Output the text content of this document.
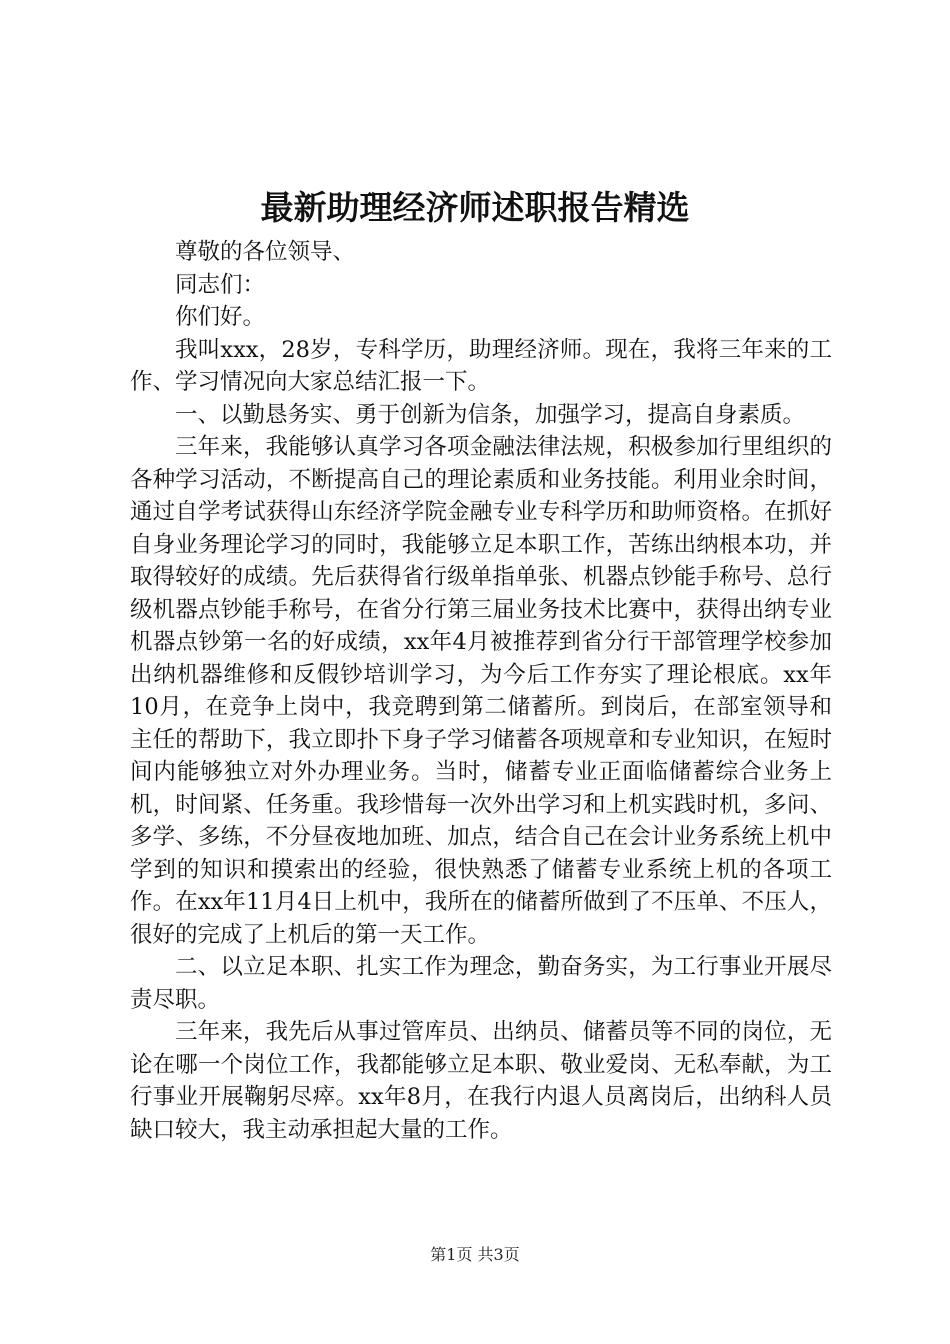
最新助理经济师述职报告精选

尊敬的各位领导、

同志们：

你们好。

我叫xxx，28岁，专科学历，助理经济师。现在，我将三年来的工作、学习情况向大家总结汇报一下。

一、以勤恳务实、勇于创新为信条，加强学习，提高自身素质。

三年来，我能够认真学习各项金融法律法规，积极参加行里组织的各种学习活动，不断提高自己的理论素质和业务技能。利用业余时间，通过自学考试获得山东经济学院金融专业专科学历和助师资格。在抓好自身业务理论学习的同时，我能够立足本职工作，苦练出纳根本功，并取得较好的成绩。先后获得省行级单指单张、机器点钞能手称号、总行级机器点钞能手称号，在省分行第三届业务技术比赛中，获得出纳专业机器点钞第一名的好成绩，xx年4月被推荐到省分行干部管理学校参加出纳机器维修和反假钞培训学习，为今后工作夯实了理论根底。xx年10月，在竞争上岗中，我竞聘到第二储蓄所。到岗后，在部室领导和主任的帮助下，我立即扑下身子学习储蓄各项规章和专业知识，在短时间内能够独立对外办理业务。当时，储蓄专业正面临储蓄综合业务上机，时间紧、任务重。我珍惜每一次外出学习和上机实践时机，多问、多学、多练，不分昼夜地加班、加点，结合自己在会计业务系统上机中学到的知识和摸索出的经验，很快熟悉了储蓄专业系统上机的各项工作。在xx年11月4日上机中，我所在的储蓄所做到了不压单、不压人，很好的完成了上机后的第一天工作。

二、以立足本职、扎实工作为理念，勤奋务实，为工行事业开展尽责尽职。

三年来，我先后从事过管库员、出纳员、储蓄员等不同的岗位，无论在哪一个岗位工作，我都能够立足本职、敬业爱岗、无私奉献，为工行事业开展鞠躬尽瘁。xx年8月，在我行内退人员离岗后，出纳科人员缺口较大，我主动承担起大量的工作。

第1页 共3页
